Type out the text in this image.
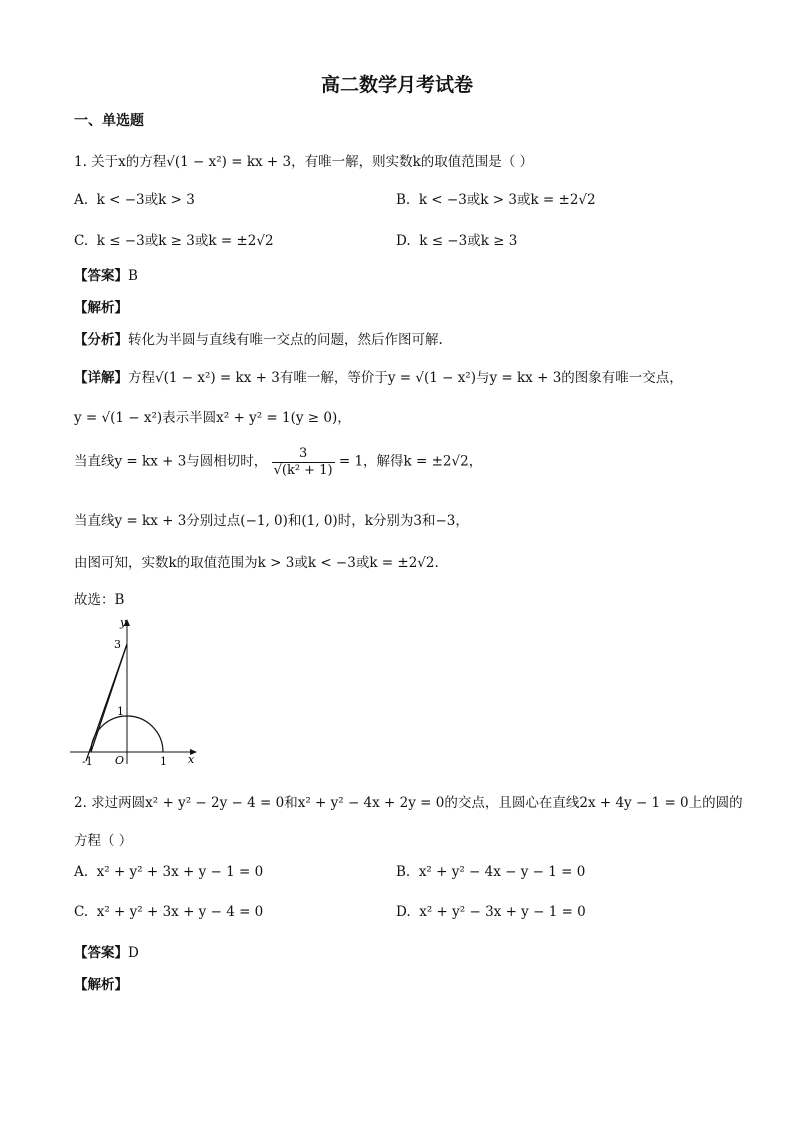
高二数学月考试卷
一、单选题
1. 关于x的方程√(1 − x²) = kx + 3，有唯一解，则实数k的取值范围是（ ）
A. k < −3或k > 3	B. k < −3或k > 3或k = ±2√2
C. k ≤ −3或k ≥ 3或k = ±2√2	D. k ≤ −3或k ≥ 3
【答案】B
【解析】
【分析】转化为半圆与直线有唯一交点的问题，然后作图可解.
【详解】方程√(1 − x²) = kx + 3有唯一解，等价于y = √(1 − x²)与y = kx + 3的图象有唯一交点，
y = √(1 − x²)表示半圆x² + y² = 1(y ≥ 0)，
当直线y = kx + 3与圆相切时， $\frac{3}{\text{√(k² + 1)}} = 1$，解得k = ±2√2，
当直线y = kx + 3分别过点(−1, 0)和(1, 0)时，k分别为3和−3，
由图可知，实数k的取值范围为k > 3或k < −3或k = ±2√2.
故选：B
y
x
3
1
-1	1
O
2. 求过两圆x² + y² − 2y − 4 = 0和x² + y² − 4x + 2y = 0的交点，且圆心在直线2x + 4y − 1 = 0上的圆的
方程（ ）
A. x² + y² + 3x + y − 1 = 0	B. x² + y² − 4x − y − 1 = 0
C. x² + y² + 3x + y − 4 = 0	D. x² + y² − 3x + y − 1 = 0
【答案】D
【解析】
